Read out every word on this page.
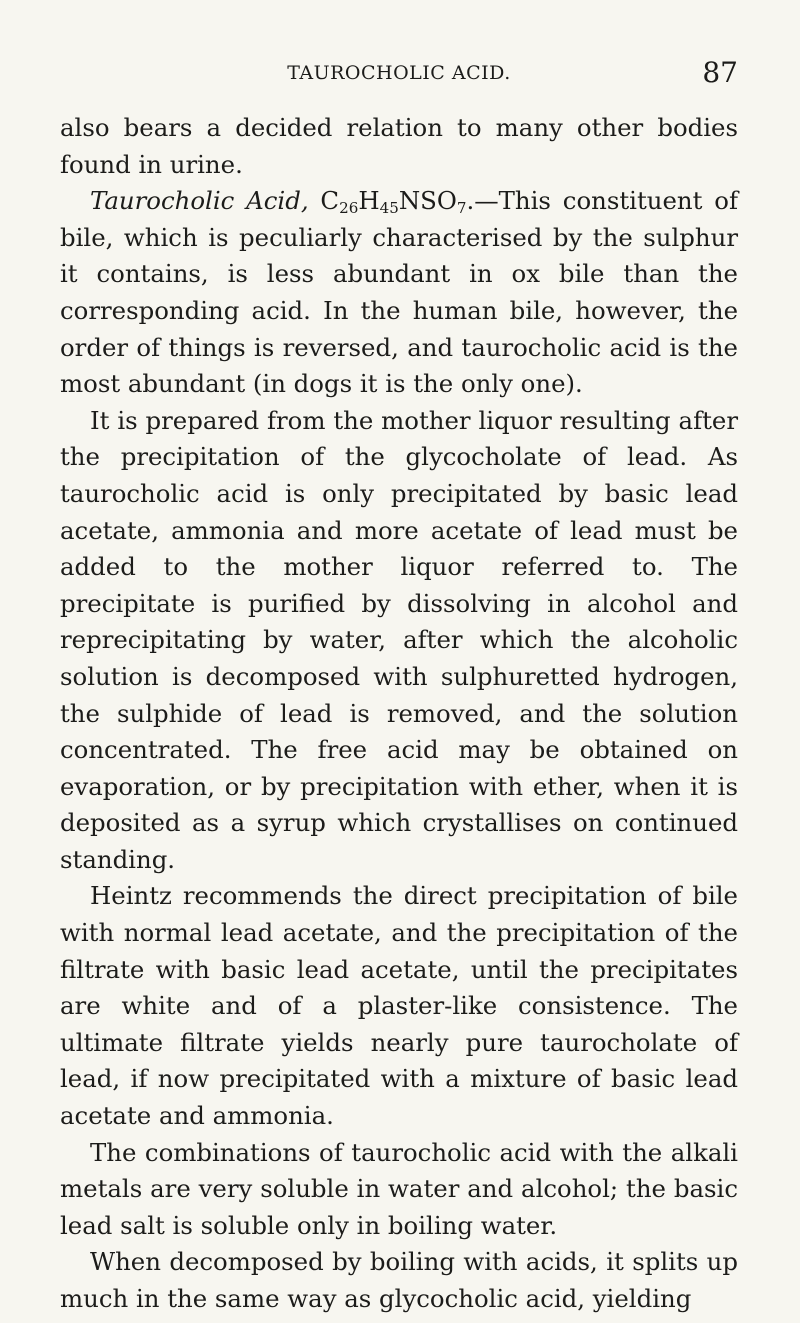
TAUROCHOLIC ACID.	87

also bears a decided relation to many other bodies found in urine.

Taurocholic Acid, $C_{26}H_{45}NSO_7.—This$ constituent of bile, which is peculiarly characterised by the sulphur it contains, is less abundant in ox bile than the corresponding acid. In the human bile, however, the order of things is reversed, and taurocholic acid is the most abundant (in dogs it is the only one).

It is prepared from the mother liquor resulting after the precipitation of the glycocholate of lead. As taurocholic acid is only precipitated by basic lead acetate, ammonia and more acetate of lead must be added to the mother liquor referred to. The precipitate is purified by dissolving in alcohol and reprecipitating by water, after which the alcoholic solution is decomposed with sulphuretted hydrogen, the sulphide of lead is removed, and the solution concentrated. The free acid may be obtained on evaporation, or by precipitation with ether, when it is deposited as a syrup which crystallises on continued standing.

Heintz recommends the direct precipitation of bile with normal lead acetate, and the precipitation of the filtrate with basic lead acetate, until the precipitates are white and of a plaster-like consistence. The ultimate filtrate yields nearly pure taurocholate of lead, if now precipitated with a mixture of basic lead acetate and ammonia.

The combinations of taurocholic acid with the alkali metals are very soluble in water and alcohol; the basic lead salt is soluble only in boiling water.

When decomposed by boiling with acids, it splits up much in the same way as glycocholic acid, yielding
